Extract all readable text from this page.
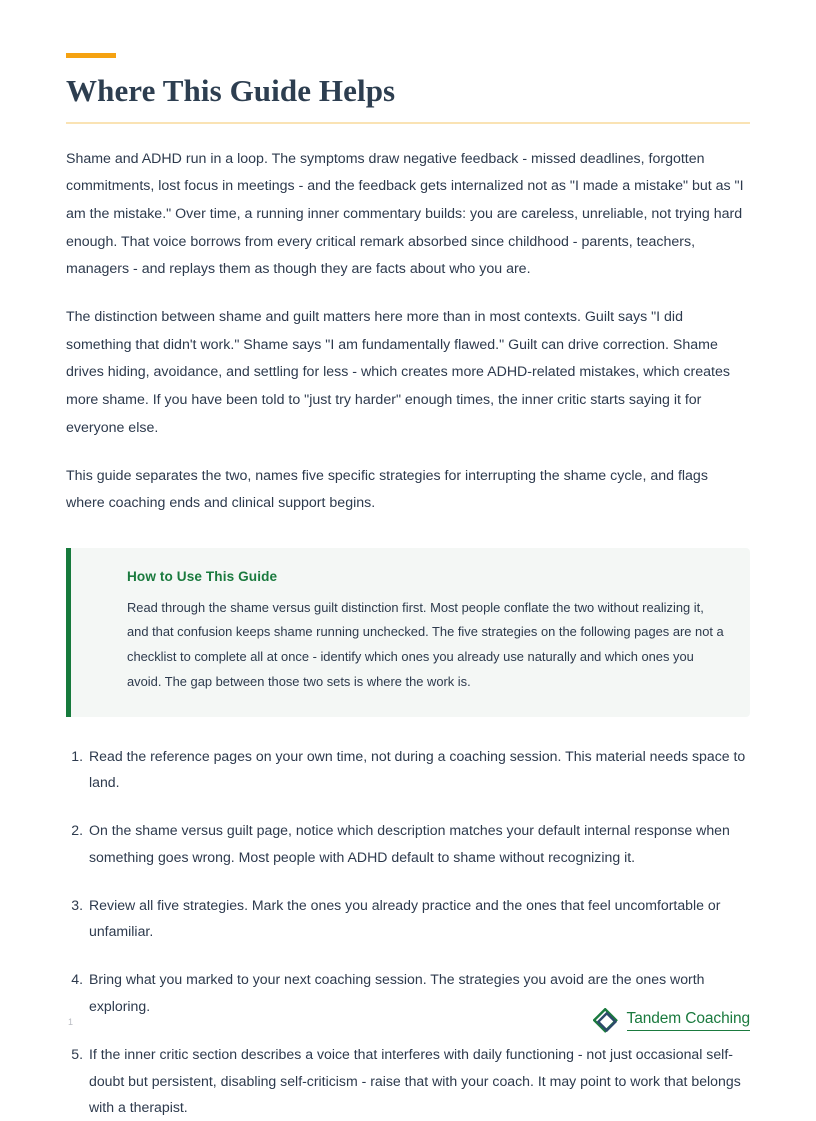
Where This Guide Helps

Shame and ADHD run in a loop. The symptoms draw negative feedback - missed deadlines, forgotten commitments, lost focus in meetings - and the feedback gets internalized not as "I made a mistake" but as "I am the mistake." Over time, a running inner commentary builds: you are careless, unreliable, not trying hard enough. That voice borrows from every critical remark absorbed since childhood - parents, teachers, managers - and replays them as though they are facts about who you are.

The distinction between shame and guilt matters here more than in most contexts. Guilt says "I did something that didn't work." Shame says "I am fundamentally flawed." Guilt can drive correction. Shame drives hiding, avoidance, and settling for less - which creates more ADHD-related mistakes, which creates more shame. If you have been told to "just try harder" enough times, the inner critic starts saying it for everyone else.

This guide separates the two, names five specific strategies for interrupting the shame cycle, and flags where coaching ends and clinical support begins.

How to Use This Guide

Read through the shame versus guilt distinction first. Most people conflate the two without realizing it, and that confusion keeps shame running unchecked. The five strategies on the following pages are not a checklist to complete all at once - identify which ones you already use naturally and which ones you avoid. The gap between those two sets is where the work is.

Read the reference pages on your own time, not during a coaching session. This material needs space to land.
On the shame versus guilt page, notice which description matches your default internal response when something goes wrong. Most people with ADHD default to shame without recognizing it.
Review all five strategies. Mark the ones you already practice and the ones that feel uncomfortable or unfamiliar.
Bring what you marked to your next coaching session. The strategies you avoid are the ones worth exploring.
If the inner critic section describes a voice that interferes with daily functioning - not just occasional self-doubt but persistent, disabling self-criticism - raise that with your coach. It may point to work that belongs with a therapist.
1	Tandem Coaching
